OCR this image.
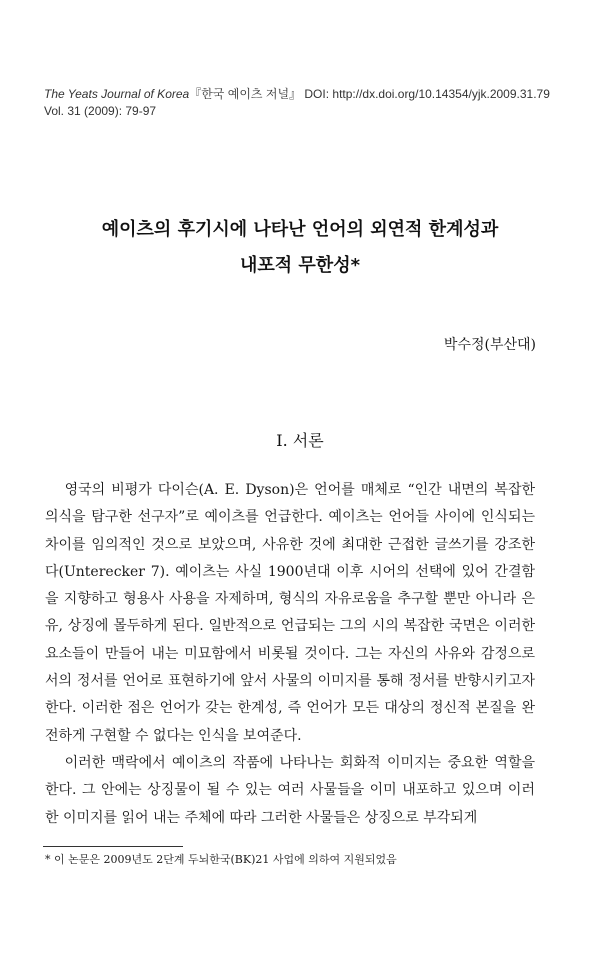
The Yeats Journal of Korea『한국 예이츠 저널』 DOI: http://dx.doi.org/10.14354/yjk.2009.31.79
Vol. 31 (2009): 79-97
예이츠의 후기시에 나타난 언어의 외연적 한계성과
내포적 무한성*
박수정(부산대)
I. 서론

영국의 비평가 다이슨(A. E. Dyson)은 언어를 매체로 “인간 내면의 복잡한 의식을 탐구한 선구자”로 예이츠를 언급한다. 예이츠는 언어들 사이에 인식되는 차이를 임의적인 것으로 보았으며, 사유한 것에 최대한 근접한 글쓰기를 강조한다(Unterecker 7). 예이츠는 사실 1900년대 이후 시어의 선택에 있어 간결함을 지향하고 형용사 사용을 자제하며, 형식의 자유로움을 추구할 뿐만 아니라 은유, 상징에 몰두하게 된다. 일반적으로 언급되는 그의 시의 복잡한 국면은 이러한 요소들이 만들어 내는 미묘함에서 비롯될 것이다. 그는 자신의 사유와 감정으로서의 정서를 언어로 표현하기에 앞서 사물의 이미지를 통해 정서를 반향시키고자 한다. 이러한 점은 언어가 갖는 한계성, 즉 언어가 모든 대상의 정신적 본질을 완전하게 구현할 수 없다는 인식을 보여준다.

이러한 맥락에서 예이츠의 작품에 나타나는 회화적 이미지는 중요한 역할을 한다. 그 안에는 상징물이 될 수 있는 여러 사물들을 이미 내포하고 있으며 이러한 이미지를 읽어 내는 주체에 따라 그러한 사물들은 상징으로 부각되게

* 이 논문은 2009년도 2단계 두뇌한국(BK)21 사업에 의하여 지원되었음
